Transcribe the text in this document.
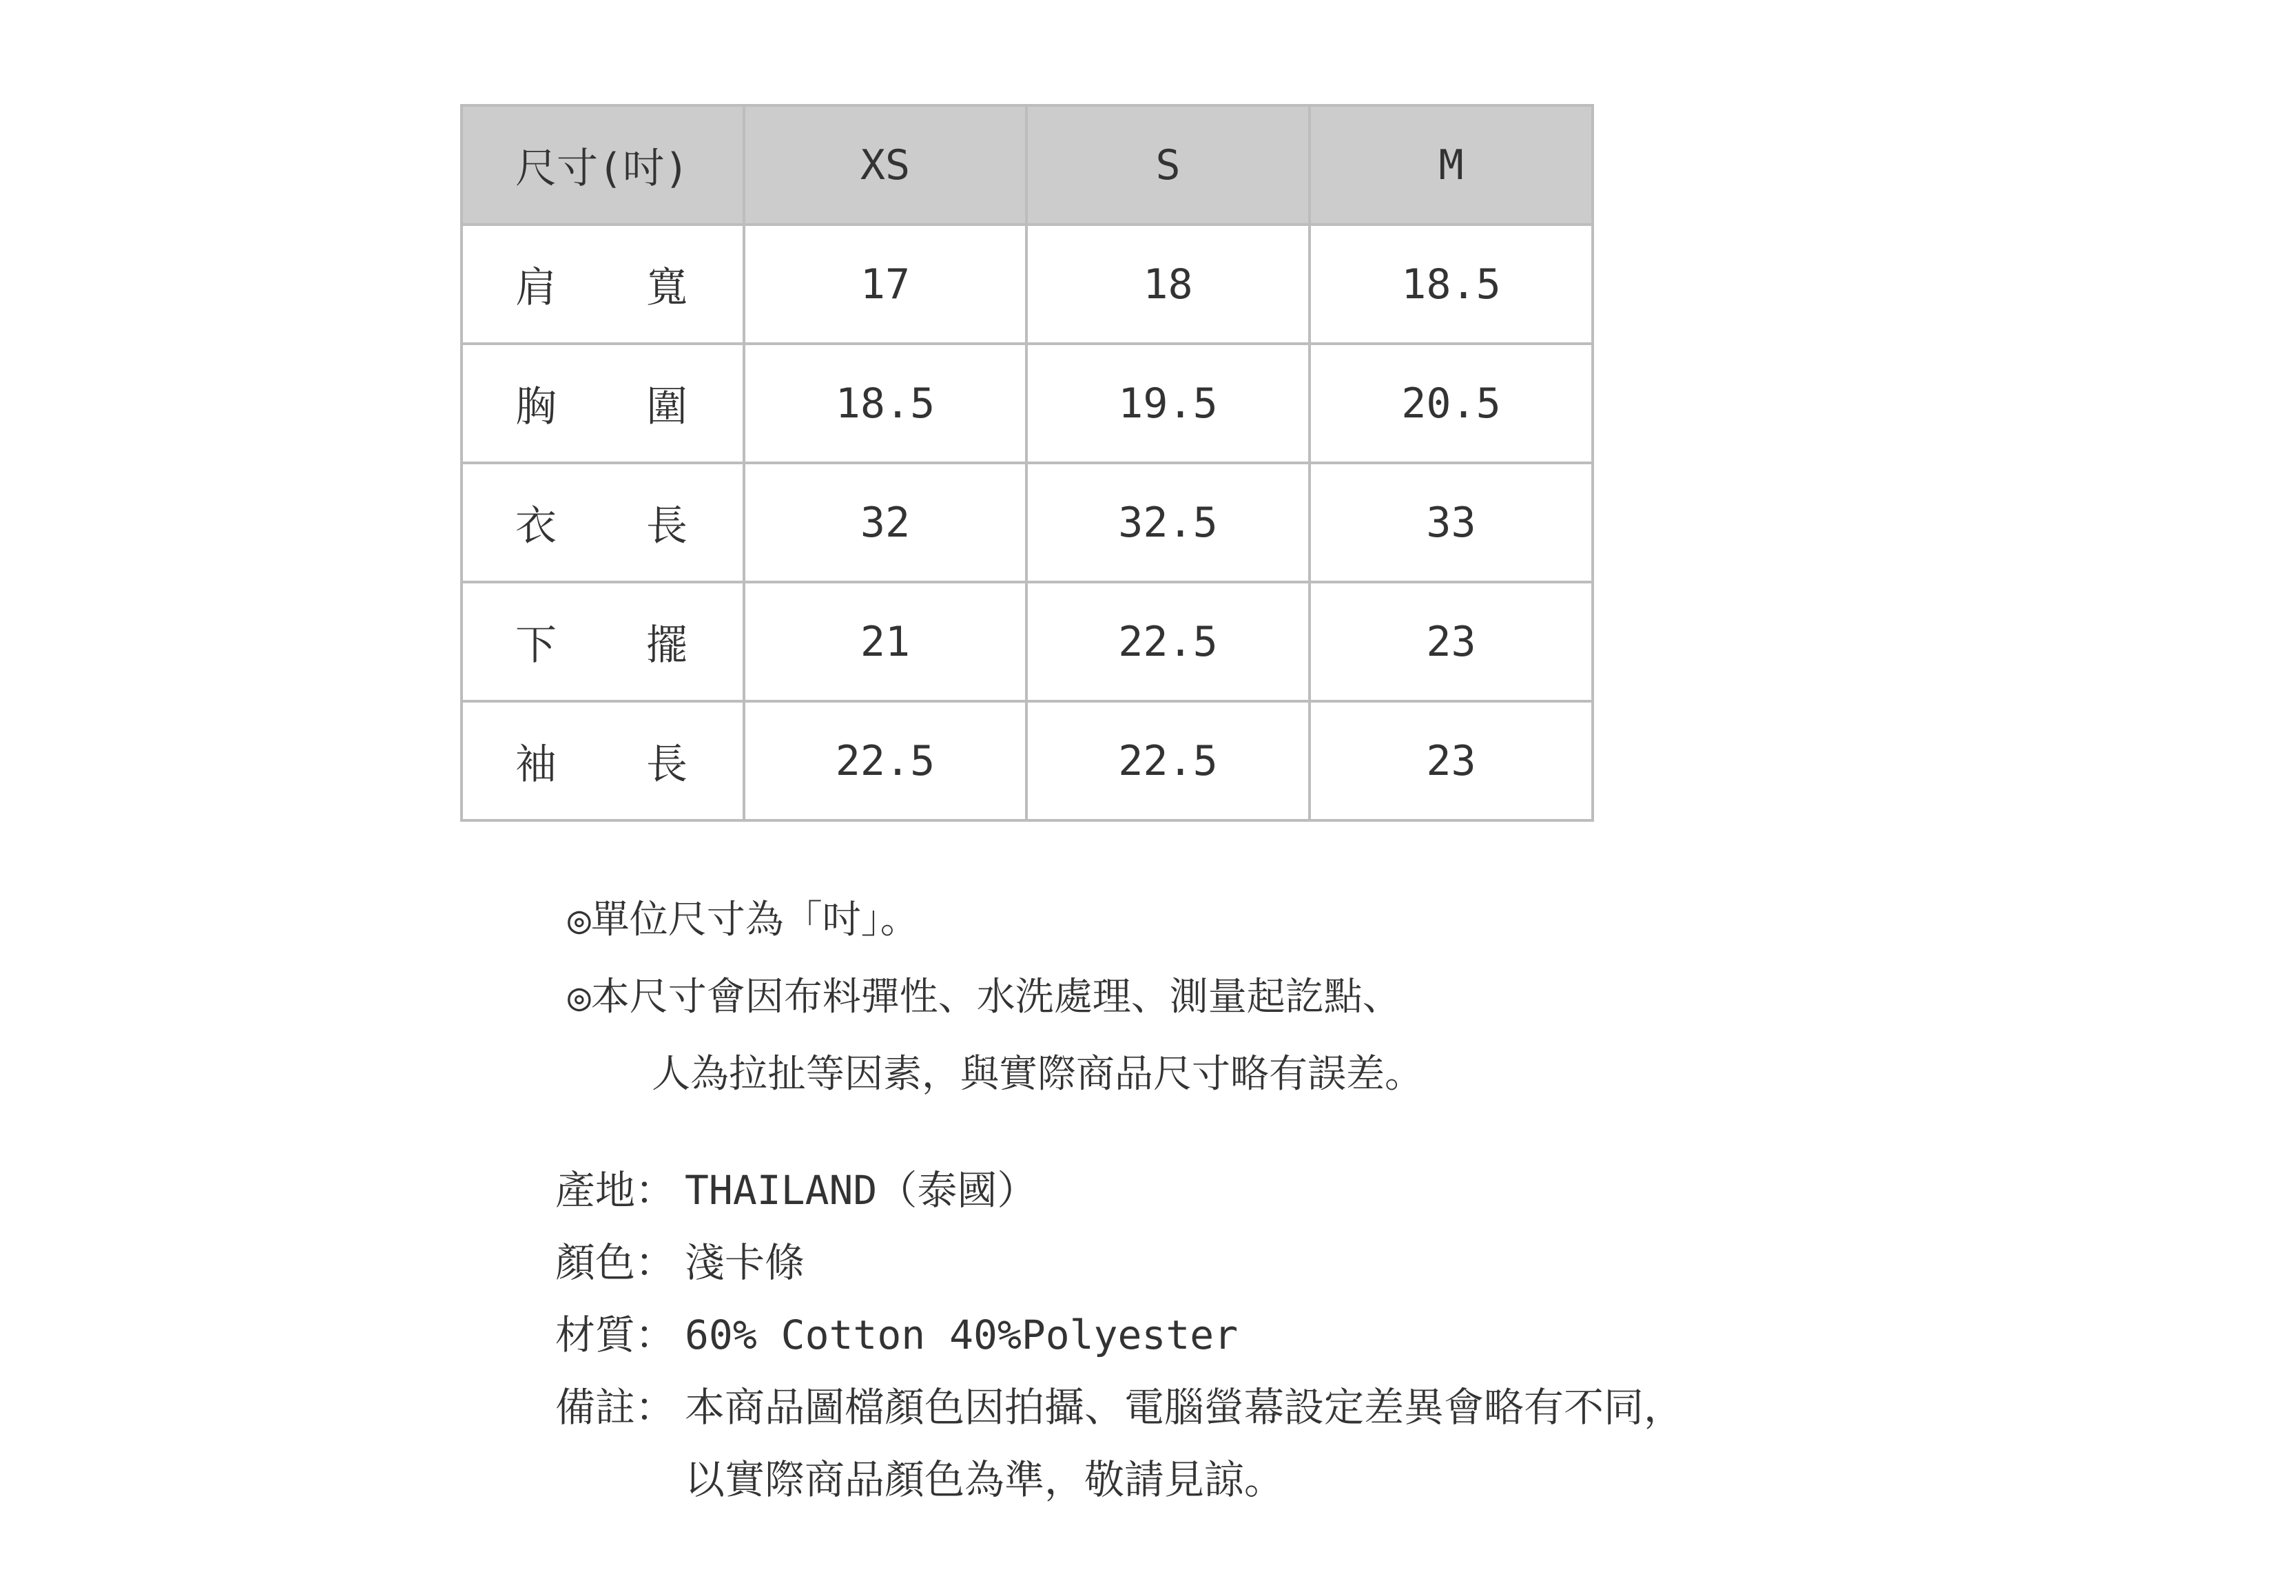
尺寸(吋)	XS	S	M

肩 寬	17	18	18.5

胸 圍	18.5	19.5	20.5

衣 長	32	32.5	33

下 擺	21	22.5	23

袖 長	22.5	22.5	23
◎單位尺寸為「吋」。
◎本尺寸會因布料彈性、水洗處理、測量起訖點、
人為拉扯等因素，與實際商品尺寸略有誤差。
產地： THAILAND（泰國）
顏色： 淺卡條
材質： 60% Cotton 40%Polyester
備註： 本商品圖檔顏色因拍攝、電腦螢幕設定差異會略有不同，
以實際商品顏色為準，敬請見諒。
